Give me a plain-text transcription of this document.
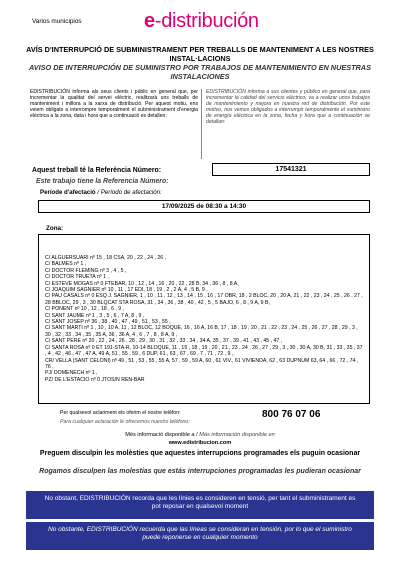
Varios municipios	e-distribución
AVÍS D'INTERRUPCIÓ DE SUBMINISTRAMENT PER TREBALLS DE MANTENIMENT A LES NOSTRES INSTAL·LACIONS
AVISO DE INTERRUPCIÓN DE SUMINISTRO POR TRABAJOS DE MANTENIMIENTO EN NUESTRAS INSTALACIONES
EDISTRIBUCIÓN informa als seus clients i públic en general que, per incrementar la qualitat del servei elèctric, realitzarà uns treballs de manteniment i millora a la xarxa de distribució. Per aquest motiu, ens veiem obligats a interrompre temporalment el subministrament d'energia elèctrica a la zona, data i hora que a continuació es detallen:
EDISTRIBUCIÓN informa a sus clientes y público en general que, para incrementar la calidad del servicio eléctrico, va a realizar unos trabajos de mantenimiento y mejora en nuestra red de distribución. Por este motivo, nos vemos obligados a interrumpir temporalmente el suministro de energía eléctrica en la zona, fecha y hora que a continuación se detallan:
Aquest treball té la Referència Número:
Este trabajo tiene la Referencia Número:
17541321
Període d'afectació / Período de afectación:
17/09/2025 de 08:30 a 14:30
Zona:
C/ ALGUERSUARI nº 15 , 18 CSA, 20 , 22 , 24 , 26 ,
C/ BALMES nº 1 ,
C/ DOCTOR FLEMING nº 3 , 4 , 5 ,
C/ DOCTOR TRUETA nº 1 ,
C/ ESTEVE MOGAS nº 0 FTEBAR, 10 , 12 , 14 , 16 , 20 , 22 , 28 B, 34 , 36 , 8 , 8 A,
C/ JOAQUIM SAGNIER nº 10 , 11 , 17 EDI, 18 , 19 , 2 , 2 A, 4 , 5 B, 9 ,
C/ PAU CASALS nº 0 ESQ J. SAGNIER, 1 , 10 , 11 , 12 , 13 , 14 , 15 , 16 , 17 OBR, 18 , 2 BLOC, 20 , 20 A, 21 , 22 , 23 , 24 , 25 , 26 , 27 , 28 BBLOC, 29 , 3 , 30 BLQCAT STA ROSA, 31 , 34 , 36 , 38 , 40 , 42 , 5 , 5 BAJO, 6 , 8 , 9 A, 9 B,
C/ PONENT nº 10 , 12 , 18 , 6 , 9 ,
C/ SANT JAUME nº 1 , 3 , 5 , 6 , 7 A, 8 , 9 ,
C/ SANT JOSEP nº 36 , 38 , 40 , 47 , 49 , 51 , 53 , 55 ,
C/ SANT MARTI nº 1 , 10 , 10 A, 11 , 12 BLOC, 12 BOQUE, 16 , 16 A, 16 B, 17 , 18 , 19 , 20 , 21 , 22 , 23 , 24 , 25 , 26 , 27 , 28 , 29 , 3 , 30 , 32 , 33 , 34 , 35 , 35 A, 36 , 36 A, 4 , 6 , 7 , 8 , 8 A, 9 ,
C/ SANT PERE nº 20 , 22 , 24 , 26 , 28 , 29 , 30 , 31 , 32 , 33 , 34 , 34 A, 35 , 37 , 39 , 41 , 43 , 45 , 47 ,
C/ SANTA ROSA nº 0 ET 191-STA-R, 10-14 BLOQUE, 11 , 15 , 18 , 19 , 20 , 21 , 23 , 24 , 26 , 27 , 29 , 3 , 30 , 30 A, 30 B, 31 , 33 , 35 , 37 , 4 , 42 , 46 , 47 , 47 A, 49 A, 51 , 55 , 59 , 6 DUP, 61 , 63 , 67 , 69 , 7 , 71 , 72 , 9 ,
CR/ VELLA (SANT CELONI) nº 49 , 51 , 53 , 55 , 55 A, 57 , 59 , 59 A, 60 , 61 VIV., 61 VIVIENDA, 62 , 63 DUPNUM 63, 64 , 66 , 72 , 74 , 76 ,
PJ/ DOMENECH nº 1 ,
PZ/ DE L'ESTACIO nº 0 JTOS/N REN-BAR
Per qualsevol aclariment els oferim el nostre telèfon:
Para cualquier aclaración le ofrecemos nuestro teléfono:
800 76 07 06
Més informació disponible a / Más información disponible en
www.edistribucion.com
Preguem disculpin les molèsties que aquestes interrupcions programades els puguin ocasionar
Rogamos disculpen las molestias que estás interrupciones programadas les pudieran ocasionar
No obstant, EDISTRIBUCIÓN recorda que les línies es consideren en tensió, per tant el subministrament es pot reposar en qualsevol moment
No obstante, EDISTRIBUCIÓN recuerda que las líneas se consideran en tensión, por lo que el suministro puede reponerse en cualquier momento
